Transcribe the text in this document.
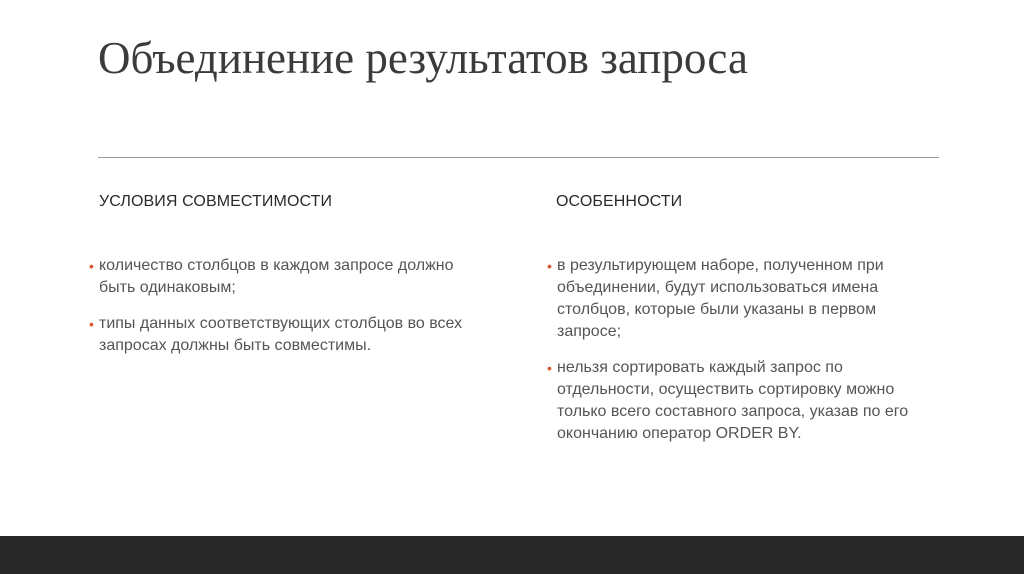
Объединение результатов запроса
УСЛОВИЯ СОВМЕСТИМОСТИ	ОСОБЕННОСТИ
• количество столбцов в каждом запросе должно быть одинаковым;
• типы данных соответствующих столбцов во всех запросах должны быть совместимы.
• в результирующем наборе, полученном при объединении, будут использоваться имена столбцов, которые были указаны в первом запросе;
• нельзя сортировать каждый запрос по отдельности, осуществить сортировку можно только всего составного запроса, указав по его окончанию оператор ORDER BY.
